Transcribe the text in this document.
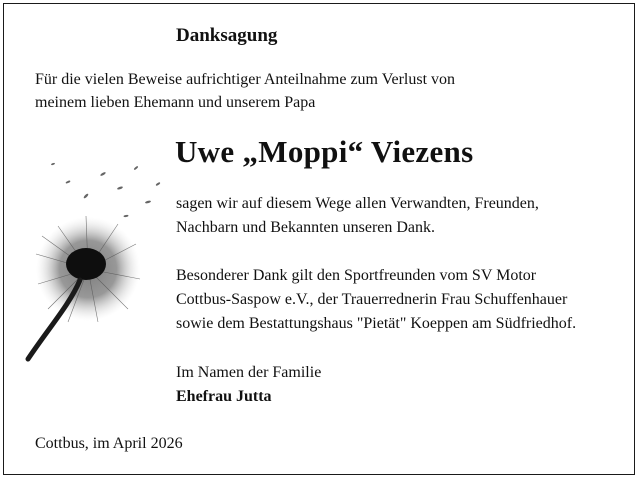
Danksagung
Für die vielen Beweise aufrichtiger Anteilnahme zum Verlust von
meinem lieben Ehemann und unserem Papa
Uwe „Moppi“ Viezens
sagen wir auf diesem Wege allen Verwandten, Freunden,
Nachbarn und Bekannten unseren Dank.
Besonderer Dank gilt den Sportfreunden vom SV Motor
Cottbus-Saspow e.V., der Trauerrednerin Frau Schuffenhauer
sowie dem Bestattungshaus "Pietät" Koeppen am Südfriedhof.
Im Namen der Familie
Ehefrau Jutta
Cottbus, im April 2026
